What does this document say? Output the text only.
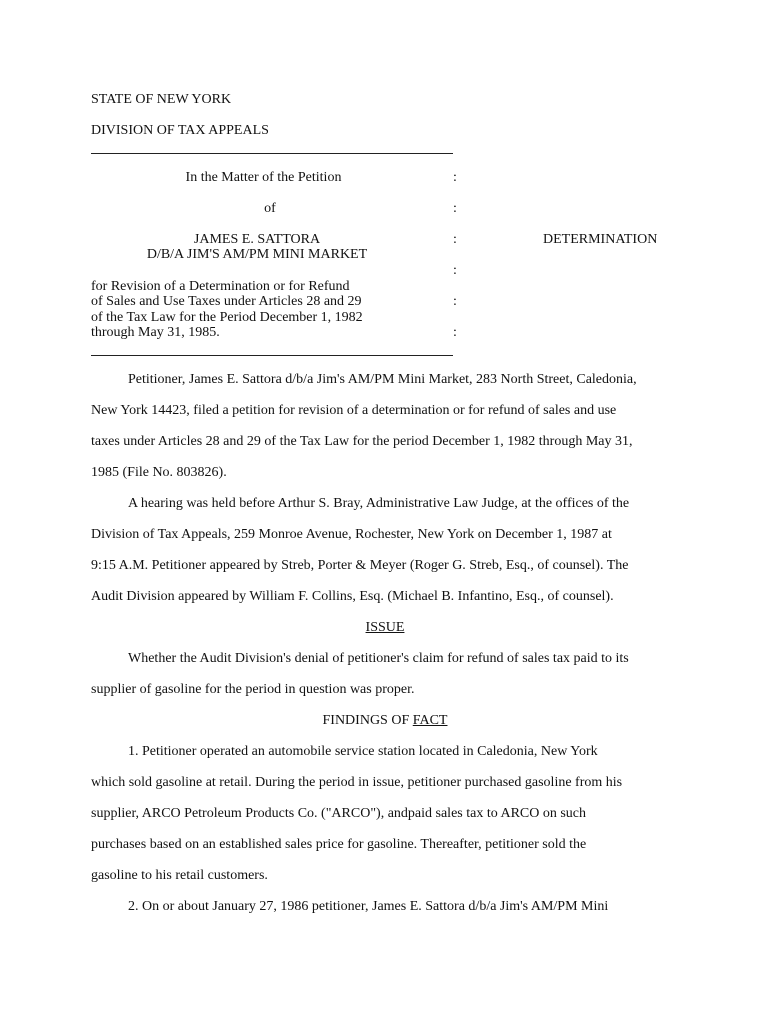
STATE OF NEW YORK
DIVISION OF TAX APPEALS
In the Matter of the Petition
of
JAMES E. SATTORA
D/B/A JIM'S AM/PM MINI MARKET
for Revision of a Determination or for Refund
of Sales and Use Taxes under Articles 28 and 29
of the Tax Law for the Period December 1, 1982
through May 31, 1985.
:
:
:
:
:
:
DETERMINATION
Petitioner, James E. Sattora d/b/a Jim's AM/PM Mini Market, 283 North Street, Caledonia,
New York 14423, filed a petition for revision of a determination or for refund of sales and use
taxes under Articles 28 and 29 of the Tax Law for the period December 1, 1982 through May 31,
1985 (File No. 803826).
A hearing was held before Arthur S. Bray, Administrative Law Judge, at the offices of the
Division of Tax Appeals, 259 Monroe Avenue, Rochester, New York on December 1, 1987 at
9:15 A.M. Petitioner appeared by Streb, Porter & Meyer (Roger G. Streb, Esq., of counsel). The
Audit Division appeared by William F. Collins, Esq. (Michael B. Infantino, Esq., of counsel).
ISSUE
Whether the Audit Division's denial of petitioner's claim for refund of sales tax paid to its
supplier of gasoline for the period in question was proper.
FINDINGS OF FACT
1. Petitioner operated an automobile service station located in Caledonia, New York
which sold gasoline at retail. During the period in issue, petitioner purchased gasoline from his
supplier, ARCO Petroleum Products Co. ("ARCO"), andpaid sales tax to ARCO on such
purchases based on an established sales price for gasoline. Thereafter, petitioner sold the
gasoline to his retail customers.
2. On or about January 27, 1986 petitioner, James E. Sattora d/b/a Jim's AM/PM Mini
